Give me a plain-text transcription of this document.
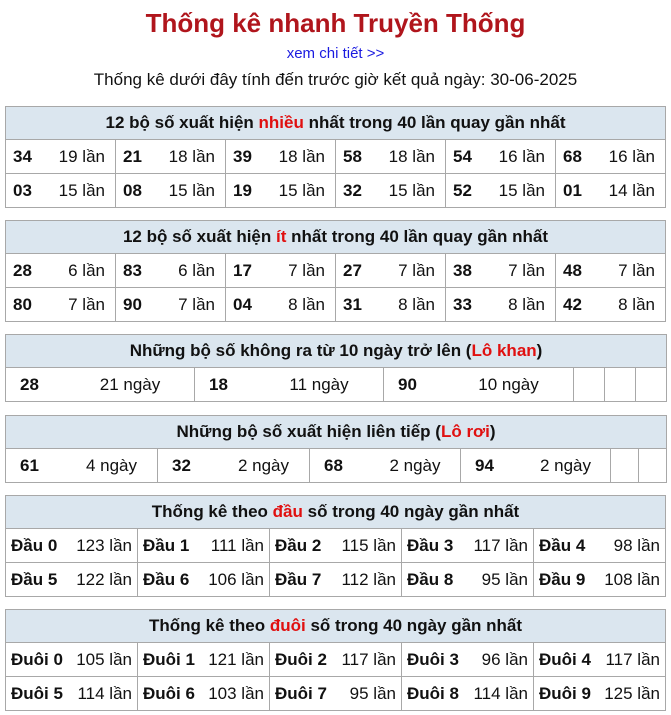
Thống kê nhanh Truyền Thống
xem chi tiết >>
Thống kê dưới đây tính đến trước giờ kết quả ngày: 30-06-2025
12 bộ số xuất hiện nhiều nhất trong 40 lần quay gần nhất					

34 19 lần	21 18 lần	39 18 lần	58 18 lần	54 16 lần	68 16 lần

03 15 lần	08 15 lần	19 15 lần	32 15 lần	52 15 lần	01 14 lần
12 bộ số xuất hiện ít nhất trong 40 lần quay gần nhất					

28 6 lần	83 6 lần	17 7 lần	27 7 lần	38 7 lần	48 7 lần

80 7 lần	90 7 lần	04 8 lần	31 8 lần	33 8 lần	42 8 lần
Những bộ số không ra từ 10 ngày trở lên (Lô khan)

28	21 ngày	18	11 ngày	90	10 ngày

Những bộ số xuất hiện liên tiếp (Lô rơi)

61	4 ngày	32	2 ngày	68	2 ngày	94	2 ngày

Thống kê theo đầu số trong 40 ngày gần nhất				

Đầu 0 123 lần	Đầu 1 111 lần	Đầu 2 115 lần	Đầu 3 117 lần	Đầu 4 98 lần

Đầu 5 122 lần	Đầu 6 106 lần	Đầu 7 112 lần	Đầu 8 95 lần	Đầu 9 108 lần
Thống kê theo đuôi số trong 40 ngày gần nhất				

Đuôi 0 105 lần	Đuôi 1 121 lần	Đuôi 2 117 lần	Đuôi 3 96 lần	Đuôi 4 117 lần

Đuôi 5 114 lần	Đuôi 6 103 lần	Đuôi 7 95 lần	Đuôi 8 114 lần	Đuôi 9 125 lần
